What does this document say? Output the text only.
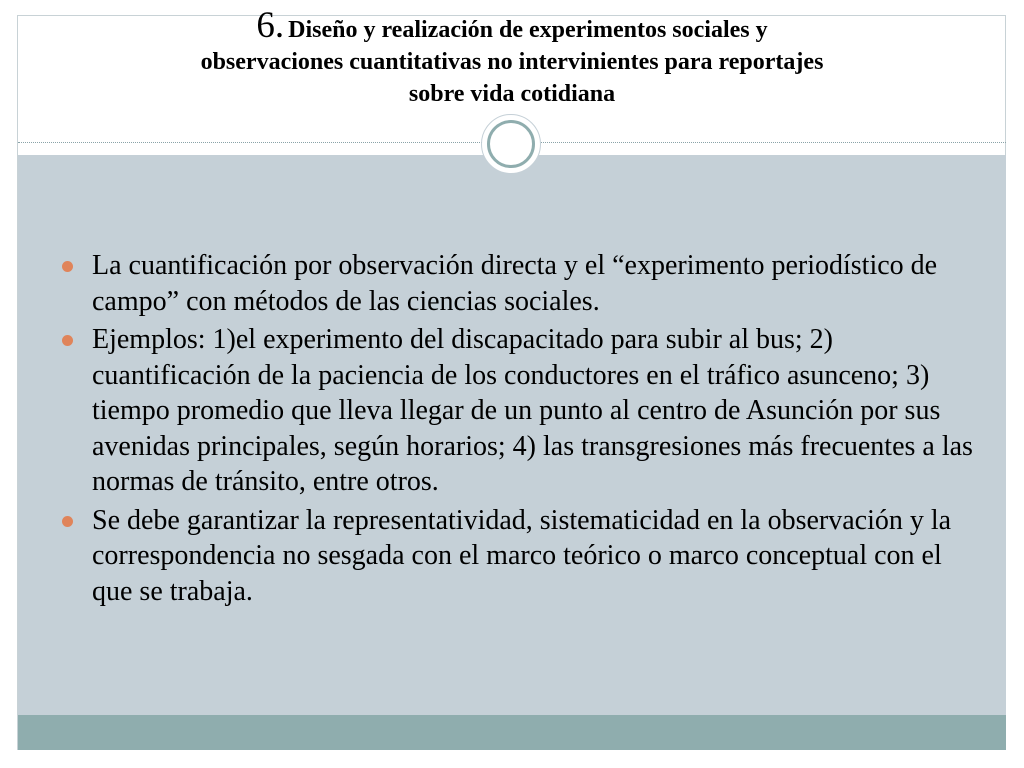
6. Diseño y realización de experimentos sociales y

observaciones cuantitativas no intervinientes para reportajes

sobre vida cotidiana

La cuantificación por observación directa y el “experimento periodístico de campo” con métodos de las ciencias sociales.
Ejemplos: 1)el experimento del discapacitado para subir al bus; 2) cuantificación de la paciencia de los conductores en el tráfico asunceno; 3) tiempo promedio que lleva llegar de un punto al centro de Asunción por sus avenidas principales, según horarios; 4) las transgresiones más frecuentes a las normas de tránsito, entre otros.
Se debe garantizar la representatividad, sistematicidad en la observación y la correspondencia no sesgada con el marco teórico o marco conceptual con el que se trabaja.
